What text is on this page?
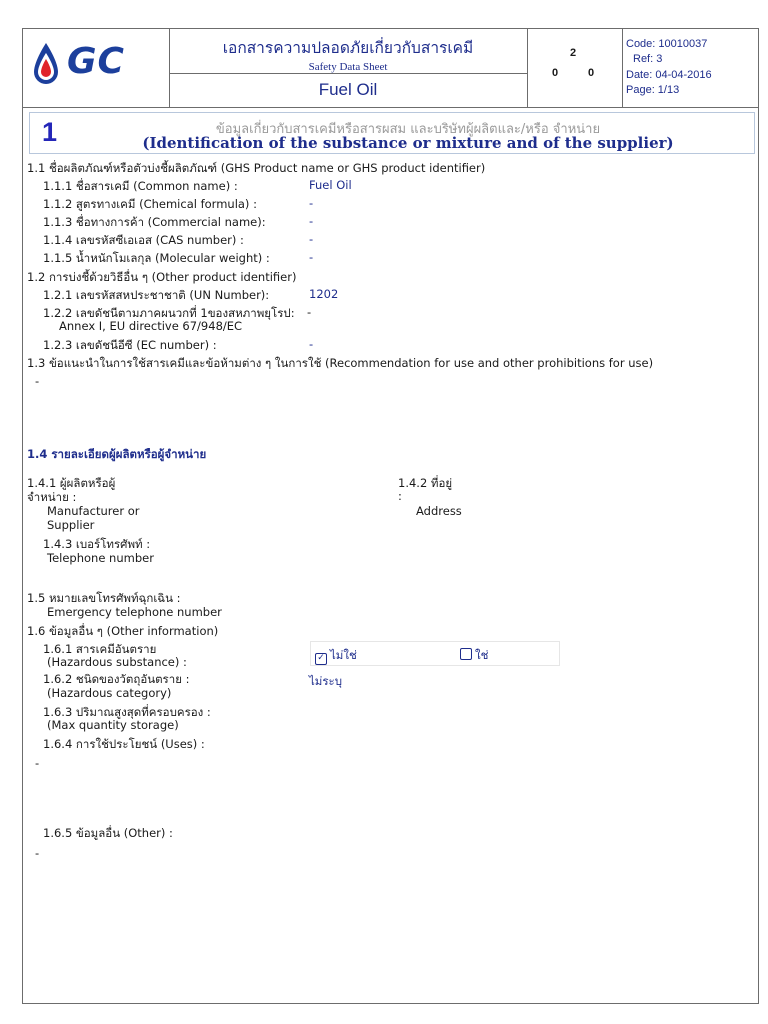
GC	เอกสารความปลอดภัยเกี่ยวกับสารเคมี
Safety Data Sheet
Fuel Oil
2
0	0
Code: 10010037
Ref: 3
Date: 04-04-2016
Page: 1/13
1	ข้อมูลเกี่ยวกับสารเคมีหรือสารผสม และบริษัทผู้ผลิตและ/หรือ จำหน่าย
(Identification of the substance or mixture and of the supplier)
1.1 ชื่อผลิตภัณฑ์หรือตัวบ่งชี้ผลิตภัณฑ์ (GHS Product name or GHS product identifier)
1.1.1 ชื่อสารเคมี (Common name) :	Fuel Oil
1.1.2 สูตรทางเคมี (Chemical formula) :	-
1.1.3 ชื่อทางการค้า (Commercial name):	-
1.1.4 เลขรหัสซีเอเอส (CAS number) :	-
1.1.5 น้ำหนักโมเลกุล (Molecular weight) :	-
1.2 การบ่งชี้ด้วยวิธีอื่น ๆ (Other product identifier)
1.2.1 เลขรหัสสหประชาชาติ (UN Number):	1202
1.2.2 เลขดัชนีตามภาคผนวกที่ 1ของสหภาพยุโรป: -
Annex I, EU directive 67/948/EC
1.2.3 เลขดัชนีอีซี (EC number) :	-
1.3 ข้อแนะนำในการใช้สารเคมีและข้อห้ามต่าง ๆ ในการใช้ (Recommendation for use and other prohibitions for use)
-
1.4 รายละเอียดผู้ผลิตหรือผู้จำหน่าย
1.4.1 ผู้ผลิตหรือผู้
จำหน่าย :
Manufacturer or
Supplier
1.4.2 ที่อยู่
:
Address
1.4.3 เบอร์โทรศัพท์ :
Telephone number
1.5 หมายเลขโทรศัพท์ฉุกเฉิน :
Emergency telephone number
1.6 ข้อมูลอื่น ๆ (Other information)
1.6.1 สารเคมีอันตราย
(Hazardous substance) :	✓ ไม่ใช่	ใช่
1.6.2 ชนิดของวัตถุอันตราย :
(Hazardous category)
ไม่ระบุ
1.6.3 ปริมาณสูงสุดที่ครอบครอง :
(Max quantity storage)
1.6.4 การใช้ประโยชน์ (Uses) :
-
1.6.5 ข้อมูลอื่น (Other) :
-
